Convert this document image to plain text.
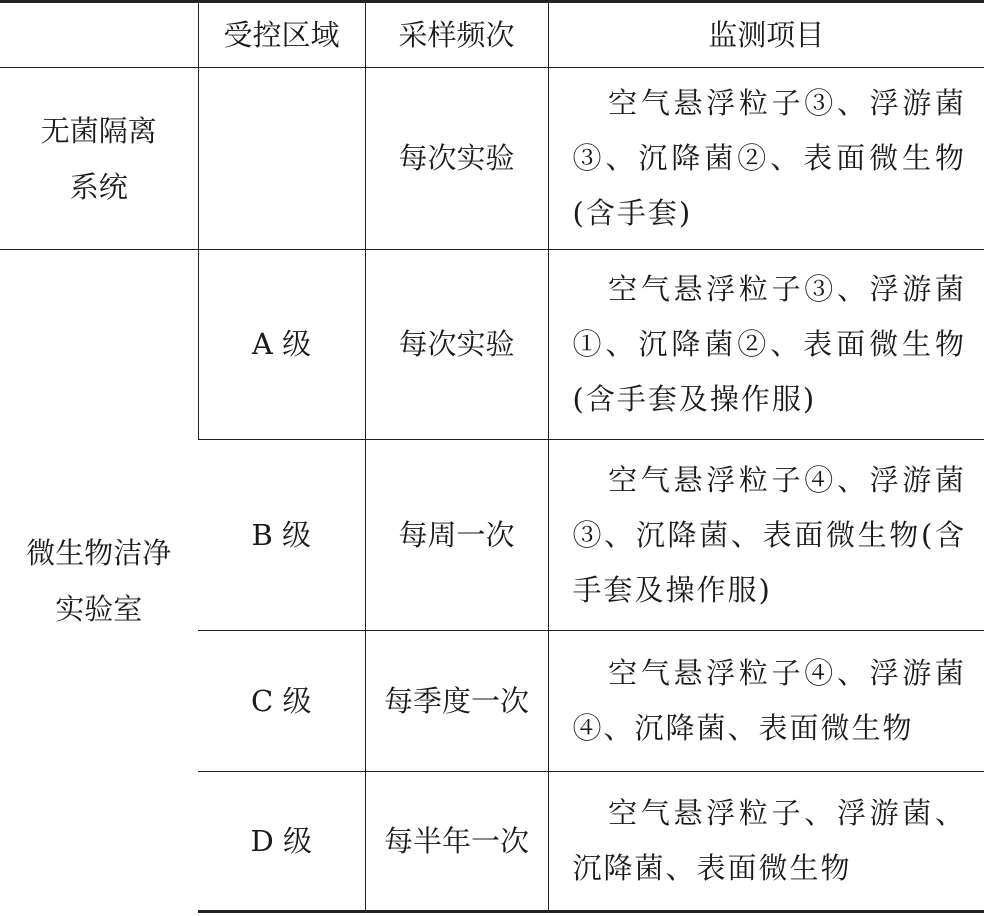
	受控区域	采样频次	监测项目

无菌隔离
系统		每次实验	空气悬浮粒子③、浮游菌③、沉降菌②、表面微生物(含手套)

微生物洁净
实验室	A 级	每次实验	空气悬浮粒子③、浮游菌①、沉降菌②、表面微生物(含手套及操作服)
	B 级	每周一次	空气悬浮粒子④、浮游菌③、沉降菌、表面微生物(含手套及操作服)
	C 级	每季度一次	空气悬浮粒子④、浮游菌④、沉降菌、表面微生物
	D 级	每半年一次	空气悬浮粒子、浮游菌、沉降菌、表面微生物
